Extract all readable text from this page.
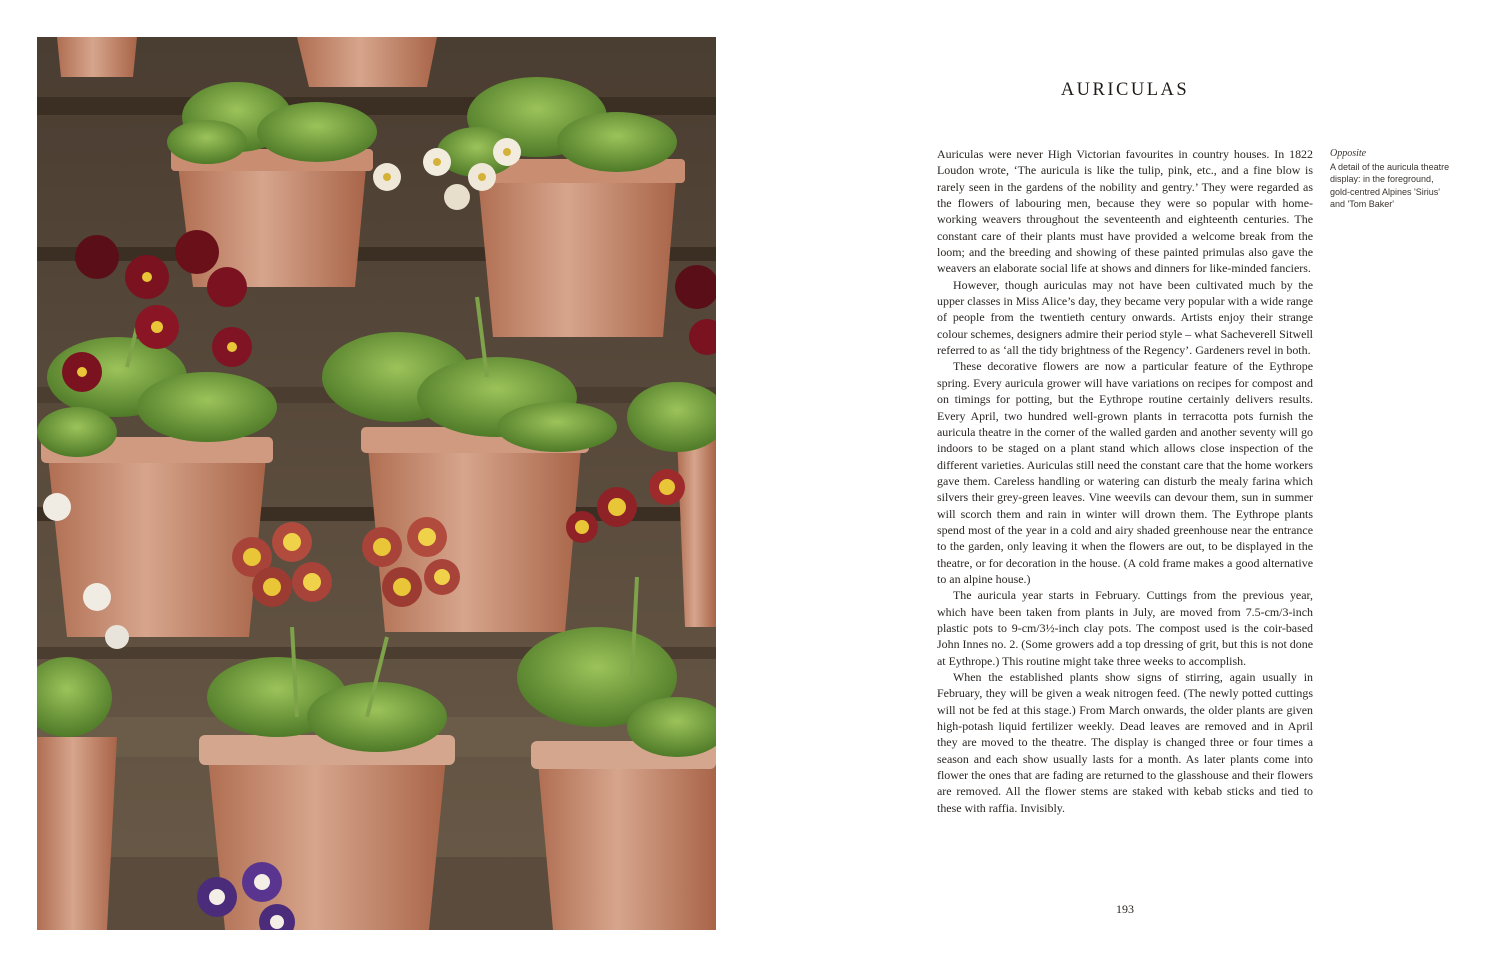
AURICULAS

Auriculas were never High Victorian favourites in country houses. In 1822 Loudon wrote, ‘The auricula is like the tulip, pink, etc., and a fine blow is rarely seen in the gardens of the nobility and gentry.’ They were regarded as the flowers of labouring men, because they were so popular with home-working weavers throughout the seventeenth and eighteenth centuries. The constant care of their plants must have provided a welcome break from the loom; and the breeding and showing of these painted primulas also gave the weavers an elaborate social life at shows and dinners for like-minded fanciers.

However, though auriculas may not have been cultivated much by the upper classes in Miss Alice’s day, they became very popular with a wide range of people from the twentieth century onwards. Artists enjoy their strange colour schemes, designers admire their period style – what Sacheverell Sitwell referred to as ‘all the tidy brightness of the Regency’. Gardeners revel in both.

These decorative flowers are now a particular feature of the Eythrope spring. Every auricula grower will have variations on recipes for compost and on timings for potting, but the Eythrope routine certainly delivers results. Every April, two hundred well-grown plants in terracotta pots furnish the auricula theatre in the corner of the walled garden and another seventy will go indoors to be staged on a plant stand which allows close inspection of the different varieties. Auriculas still need the constant care that the home workers gave them. Careless handling or watering can disturb the mealy farina which silvers their grey-green leaves. Vine weevils can devour them, sun in summer will scorch them and rain in winter will drown them. The Eythrope plants spend most of the year in a cold and airy shaded greenhouse near the entrance to the garden, only leaving it when the flowers are out, to be displayed in the theatre, or for decoration in the house. (A cold frame makes a good alternative to an alpine house.)

The auricula year starts in February. Cuttings from the previous year, which have been taken from plants in July, are moved from 7.5-cm/3-inch plastic pots to 9-cm/3½-inch clay pots. The compost used is the coir-based John Innes no. 2. (Some growers add a top dressing of grit, but this is not done at Eythrope.) This routine might take three weeks to accomplish.

When the established plants show signs of stirring, again usually in February, they will be given a weak nitrogen feed. (The newly potted cuttings will not be fed at this stage.) From March onwards, the older plants are given high-potash liquid fertilizer weekly. Dead leaves are removed and in April they are moved to the theatre. The display is changed three or four times a season and each show usually lasts for a month. As later plants come into flower the ones that are fading are returned to the glasshouse and their flowers are removed. All the flower stems are staked with kebab sticks and tied to these with raffia. Invisibly.

Opposite
A detail of the auricula theatre display: in the foreground, gold-centred Alpines 'Sirius' and 'Tom Baker'
193
